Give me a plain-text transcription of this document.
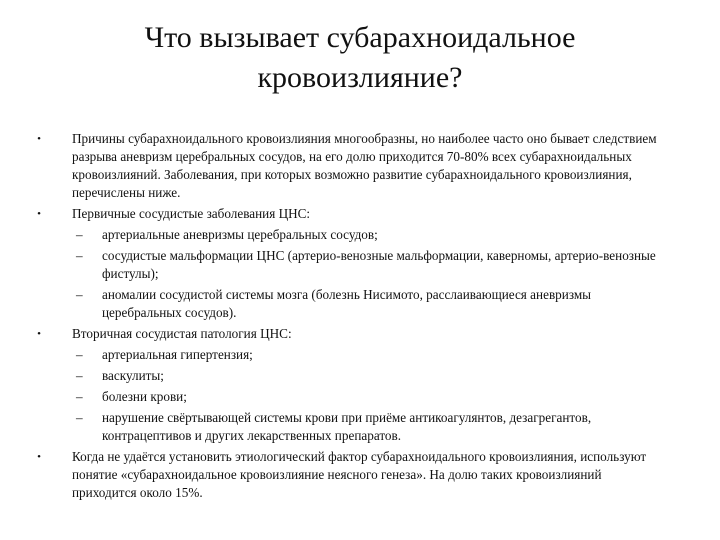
Что вызывает субарахноидальное
кровоизлияние?
• Причины субарахноидального кровоизлияния многообразны, но наиболее часто оно бывает следствием разрыва аневризм церебральных сосудов, на его долю приходится 70-80% всех субарахноидальных кровоизлияний. Заболевания, при которых возможно развитие субарахноидального кровоизлияния, перечислены ниже.
• Первичные сосудистые заболевания ЦНС:
– артериальные аневризмы церебральных сосудов;
– сосудистые мальформации ЦНС (артерио-венозные мальформации, каверномы, артерио-венозные фистулы);
– аномалии сосудистой системы мозга (болезнь Нисимото, расслаивающиеся аневризмы церебральных сосудов).
• Вторичная сосудистая патология ЦНС:
– артериальная гипертензия;
– васкулиты;
– болезни крови;
– нарушение свёртывающей системы крови при приёме антикоагулянтов, дезагрегантов, контрацептивов и других лекарственных препаратов.
• Когда не удаётся установить этиологический фактор субарахноидального кровоизлияния, используют понятие «субарахноидальное кровоизлияние неясного генеза». На долю таких кровоизлияний приходится около 15%.
